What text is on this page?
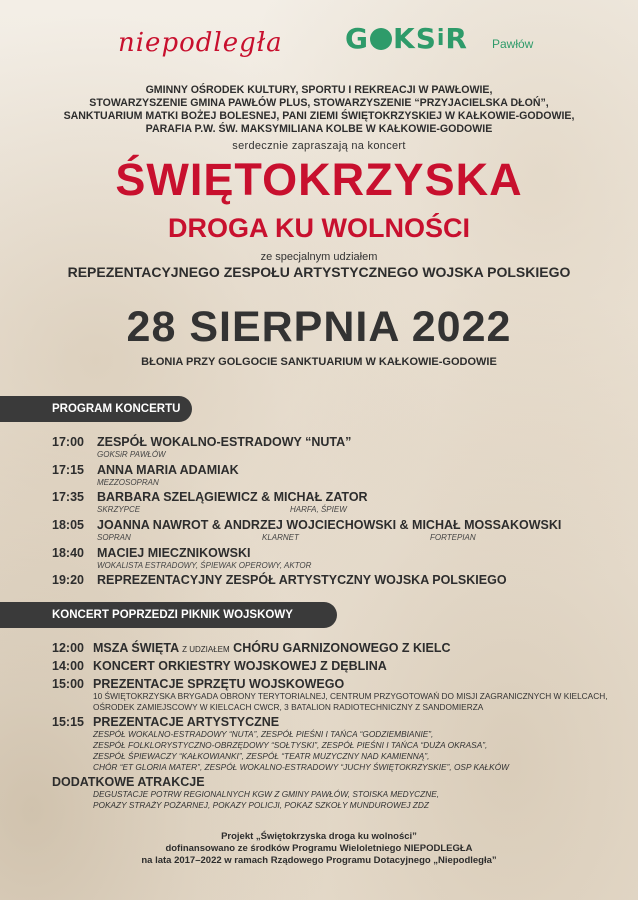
niepodległa G KSiR Pawłów
GMINNY OŚRODEK KULTURY, SPORTU I REKREACJI W PAWŁOWIE,
STOWARZYSZENIE GMINA PAWŁÓW PLUS, STOWARZYSZENIE “PRZYJACIELSKA DŁOŃ”,
SANKTUARIUM MATKI BOŻEJ BOLESNEJ, PANI ZIEMI ŚWIĘTOKRZYSKIEJ W KAŁKOWIE-GODOWIE,
PARAFIA P.W. ŚW. MAKSYMILIANA KOLBE W KAŁKOWIE-GODOWIE
serdecznie zapraszają na koncert
ŚWIĘTOKRZYSKA
DROGA KU WOLNOŚCI
ze specjalnym udziałem
REPEZENTACYJNEGO ZESPOŁU ARTYSTYCZNEGO WOJSKA POLSKIEGO
28 SIERPNIA 2022
BŁONIA PRZY GOLGOCIE SANKTUARIUM W KAŁKOWIE-GODOWIE
PROGRAM KONCERTU
17:00 ZESPÓŁ WOKALNO-ESTRADOWY “NUTA”
GOKSiR PAWŁÓW
17:15 ANNA MARIA ADAMIAK
MEZZOSOPRAN
17:35 BARBARA SZELĄGIEWICZ & MICHAŁ ZATOR
SKRZYPCE	HARFA, ŚPIEW
18:05 JOANNA NAWROT & ANDRZEJ WOJCIECHOWSKI & MICHAŁ MOSSAKOWSKI
SOPRAN	KLARNET	FORTEPIAN
18:40 MACIEJ MIECZNIKOWSKI
WOKALISTA ESTRADOWY, ŚPIEWAK OPEROWY, AKTOR
19:20 REPREZENTACYJNY ZESPÓŁ ARTYSTYCZNY WOJSKA POLSKIEGO
KONCERT POPRZEDZI PIKNIK WOJSKOWY
12:00 MSZA ŚWIĘTA Z UDZIAŁEM CHÓRU GARNIZONOWEGO Z KIELC
14:00 KONCERT ORKIESTRY WOJSKOWEJ Z DĘBLINA
15:00 PREZENTACJE SPRZĘTU WOJSKOWEGO
10 ŚWIĘTOKRZYSKA BRYGADA OBRONY TERYTORIALNEJ, CENTRUM PRZYGOTOWAŃ DO MISJI ZAGRANICZNYCH W KIELCACH,
OŚRODEK ZAMIEJSCOWY W KIELCACH CWCR, 3 BATALION RADIOTECHNICZNY Z SANDOMIERZA
15:15 PREZENTACJE ARTYSTYCZNE
ZESPÓŁ WOKALNO-ESTRADOWY “NUTA”, ZESPÓŁ PIEŚNI I TAŃCA “GODZIEMBIANIE”,
ZESPÓŁ FOLKLORYSTYCZNO-OBRZĘDOWY “SOŁTYSKI”, ZESPÓŁ PIEŚNI I TAŃCA “DUŻA OKRASA”,
ZESPÓŁ ŚPIEWACZY “KAŁKOWIANKI”, ZESPÓŁ “TEATR MUZYCZNY NAD KAMIENNĄ”,
CHÓR “ET GLORIA MATER”, ZESPÓŁ WOKALNO-ESTRADOWY “JUCHY ŚWIĘTOKRZYSKIE”, OSP KAŁKÓW
DODATKOWE ATRAKCJE
DEGUSTACJE POTRW REGIONALNYCH KGW Z GMINY PAWŁÓW, STOISKA MEDYCZNE,
POKAZY STRAŻY POŻARNEJ, POKAZY POLICJI, POKAZ SZKOŁY MUNDUROWEJ ZDZ
Projekt „Świętokrzyska droga ku wolności”
dofinansowano ze środków Programu Wieloletniego NIEPODLEGŁA
na lata 2017–2022 w ramach Rządowego Programu Dotacyjnego „Niepodległa”
